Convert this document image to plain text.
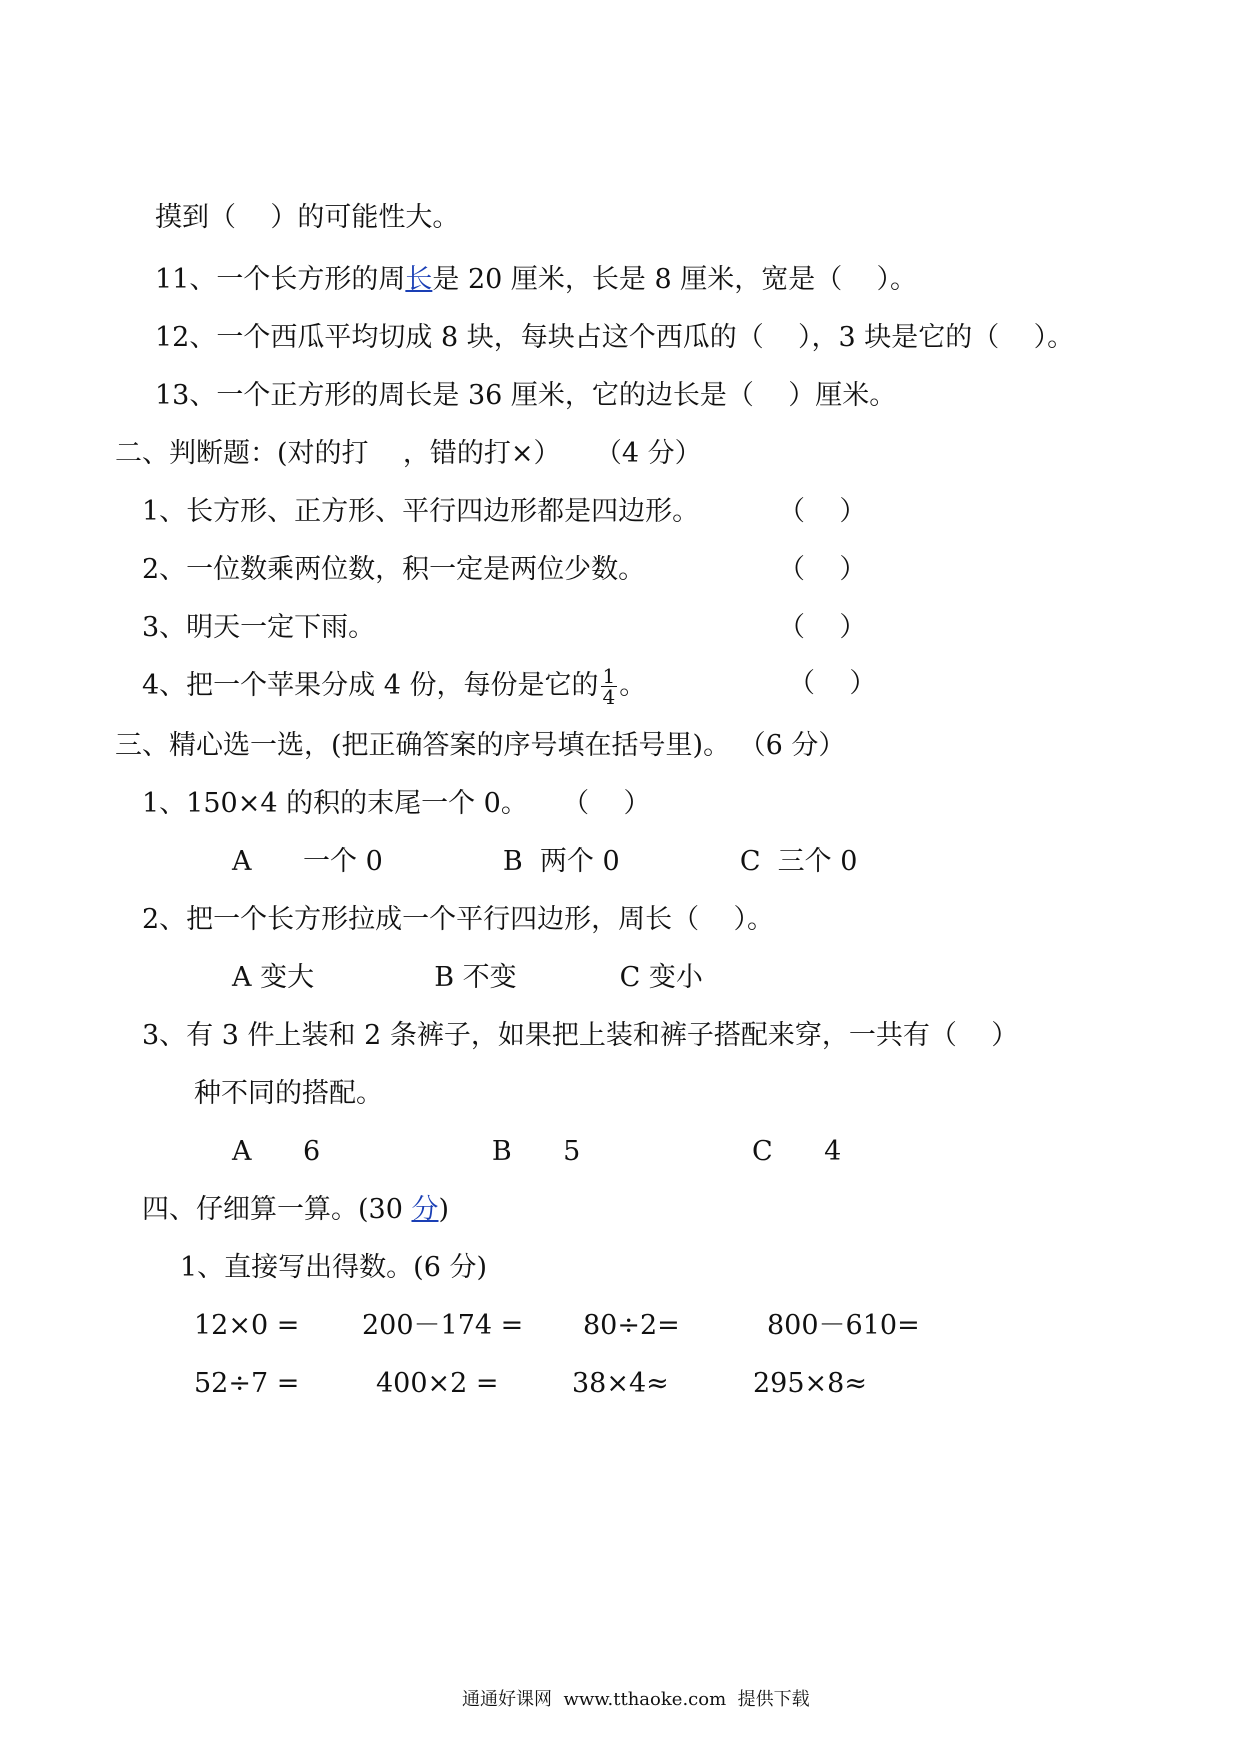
摸到（    ）的可能性大。
11、一个长方形的周长是 20 厘米，长是 8 厘米，宽是（    ）。
12、一个西瓜平均切成 8 块，每块占这个西瓜的（    ），3 块是它的（    ）。
13、一个正方形的周长是 36 厘米，它的边长是（    ）厘米。
二、判断题：(对的打    ，错的打×）    （4 分）
1、长方形、正方形、平行四边形都是四边形。	（    ）
2、一位数乘两位数，积一定是两位少数。	（    ）
3、明天一定下雨。	（    ）
4、把一个苹果分成 4 份，每份是它的 $\frac{1}{4}$ 。	（    ）
三、精心选一选，(把正确答案的序号填在括号里)。 （6 分）
1、150×4 的积的末尾一个 0。    （    ）
A      一个 0              B  两个 0              C  三个 0
2、把一个长方形拉成一个平行四边形，周长（    ）。
A 变大              B 不变            C 变小
3、有 3 件上装和 2 条裤子，如果把上装和裤子搭配来穿，一共有（    ）
种不同的搭配。
A      6                    B      5                    C      4
四、仔细算一算。(30 分)
1、直接写出得数。(6 分)
12×0 = 200－174 = 80÷2=	800－610=
52÷7 =	400×2 =	38×4≈	295×8≈
通通好课网  www.tthaoke.com  提供下载
